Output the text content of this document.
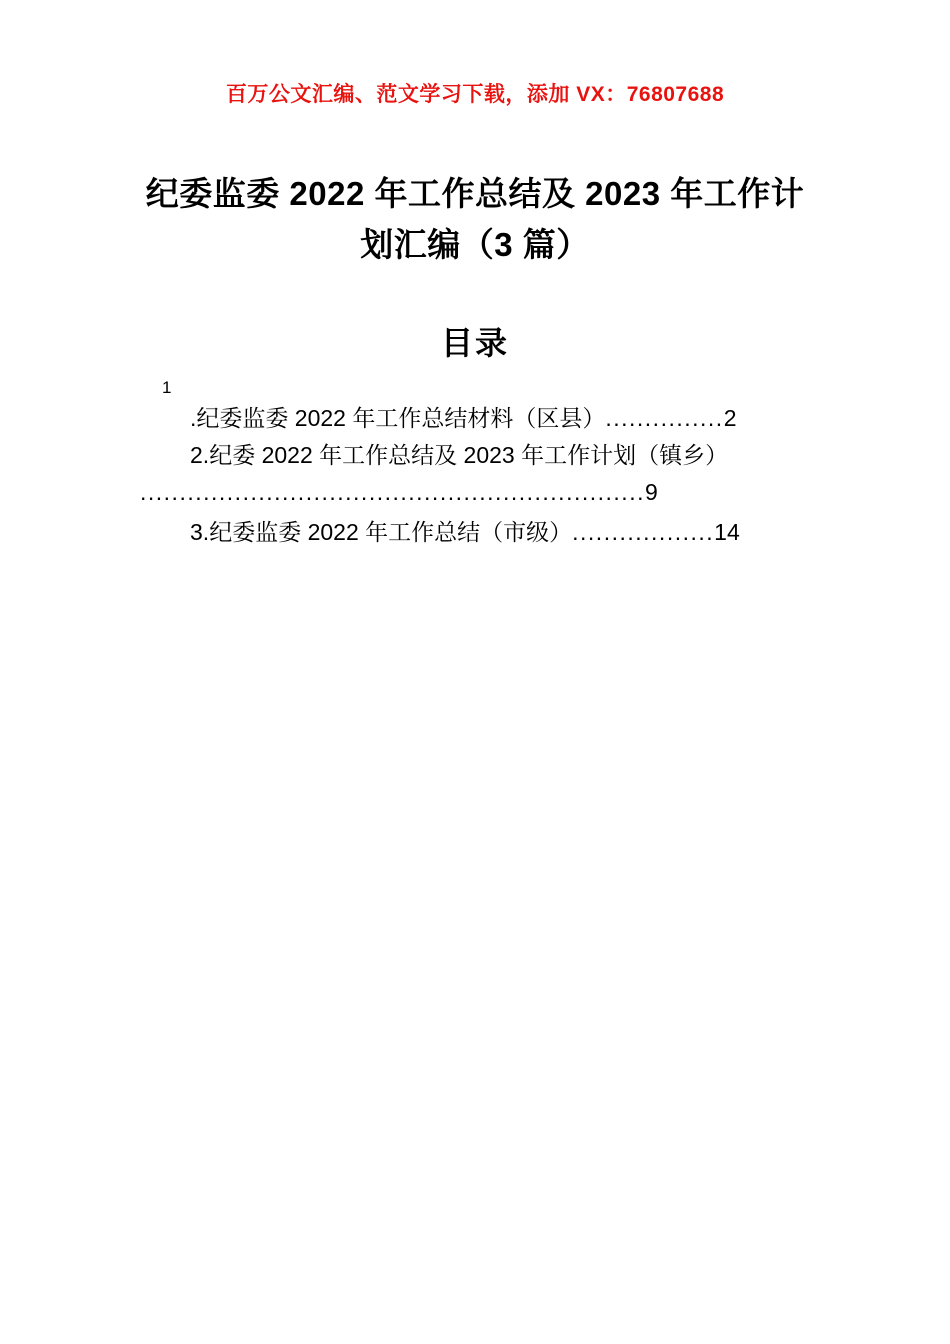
百万公文汇编、范文学习下载，添加 VX：76807688
纪委监委 2022 年工作总结及 2023 年工作计划汇编（3 篇）
目录
1
.纪委监委 2022 年工作总结材料（区县）...............2
2.纪委 2022 年工作总结及 2023 年工作计划（镇乡）
................................................................9
3.纪委监委 2022 年工作总结（市级）..................14
